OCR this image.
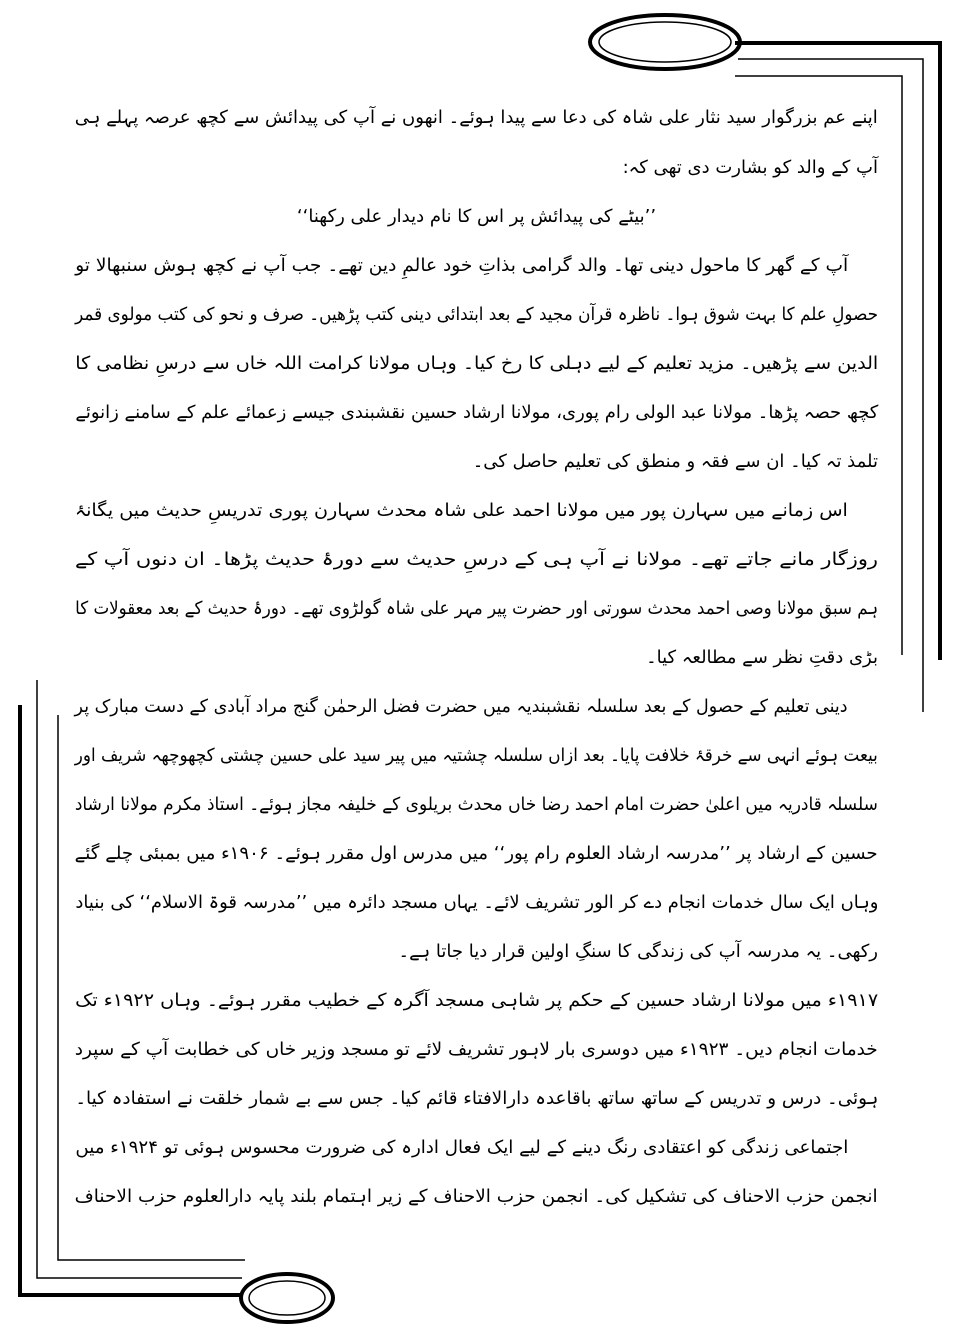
اپنے عم بزرگوار سید نثار علی شاہ کی دعا سے پیدا ہوئے۔ انھوں نے آپ کی پیدائش سے کچھ عرصہ پہلے ہی
آپ کے والد کو بشارت دی تھی کہ:
’’بیٹے کی پیدائش پر اس کا نام دیدار علی رکھنا‘‘
آپ کے گھر کا ماحول دینی تھا۔ والد گرامی بذاتِ خود عالمِ دین تھے۔ جب آپ نے کچھ ہوش سنبھالا تو
حصولِ علم کا بہت شوق ہوا۔ ناظرہ قرآن مجید کے بعد ابتدائی دینی کتب پڑھیں۔ صرف و نحو کی کتب مولوی قمر
الدین سے پڑھیں۔ مزید تعلیم کے لیے دہلی کا رخ کیا۔ وہاں مولانا کرامت اللہ خاں سے درسِ نظامی کا
کچھ حصہ پڑھا۔ مولانا عبد الولی رام پوری، مولانا ارشاد حسین نقشبندی جیسے زعمائے علم کے سامنے زانوئے
تلمذ تہ کیا۔ ان سے فقہ و منطق کی تعلیم حاصل کی۔
اس زمانے میں سہارن پور میں مولانا احمد علی شاہ محدث سہارن پوری تدریسِ حدیث میں یگانۂ
روزگار مانے جاتے تھے۔ مولانا نے آپ ہی کے درسِ حدیث سے دورۂ حدیث پڑھا۔ ان دنوں آپ کے
ہم سبق مولانا وصی احمد محدث سورتی اور حضرت پیر مہر علی شاہ گولڑوی تھے۔ دورۂ حدیث کے بعد معقولات کا
بڑی دقتِ نظر سے مطالعہ کیا۔
دینی تعلیم کے حصول کے بعد سلسلہ نقشبندیہ میں حضرت فضل الرحمٰن گنج مراد آبادی کے دست مبارک پر
بیعت ہوئے انہی سے خرقۂ خلافت پایا۔ بعد ازاں سلسلہ چشتیہ میں پیر سید علی حسین چشتی کچھوچھہ شریف اور
سلسلہ قادریہ میں اعلیٰ حضرت امام احمد رضا خاں محدث بریلوی کے خلیفہ مجاز ہوئے۔ استاذ مکرم مولانا ارشاد
حسین کے ارشاد پر ’’مدرسہ ارشاد العلوم رام پور‘‘ میں مدرس اول مقرر ہوئے۔ ۱۹۰۶ء میں بمبئی چلے گئے
وہاں ایک سال خدمات انجام دے کر الور تشریف لائے۔ یہاں مسجد دائرہ میں ’’مدرسہ قوۃ الاسلام‘‘ کی بنیاد
رکھی۔ یہ مدرسہ آپ کی زندگی کا سنگِ اولین قرار دیا جاتا ہے۔
۱۹۱۷ء میں مولانا ارشاد حسین کے حکم پر شاہی مسجد آگرہ کے خطیب مقرر ہوئے۔ وہاں ۱۹۲۲ء تک
خدمات انجام دیں۔ ۱۹۲۳ء میں دوسری بار لاہور تشریف لائے تو مسجد وزیر خاں کی خطابت آپ کے سپرد
ہوئی۔ درس و تدریس کے ساتھ ساتھ باقاعدہ دارالافتاء قائم کیا۔ جس سے بے شمار خلقت نے استفادہ کیا۔
اجتماعی زندگی کو اعتقادی رنگ دینے کے لیے ایک فعال ادارہ کی ضرورت محسوس ہوئی تو ۱۹۲۴ء میں
انجمن حزب الاحناف کی تشکیل کی۔ انجمن حزب الاحناف کے زیر اہتمام بلند پایہ دارالعلوم حزب الاحناف
